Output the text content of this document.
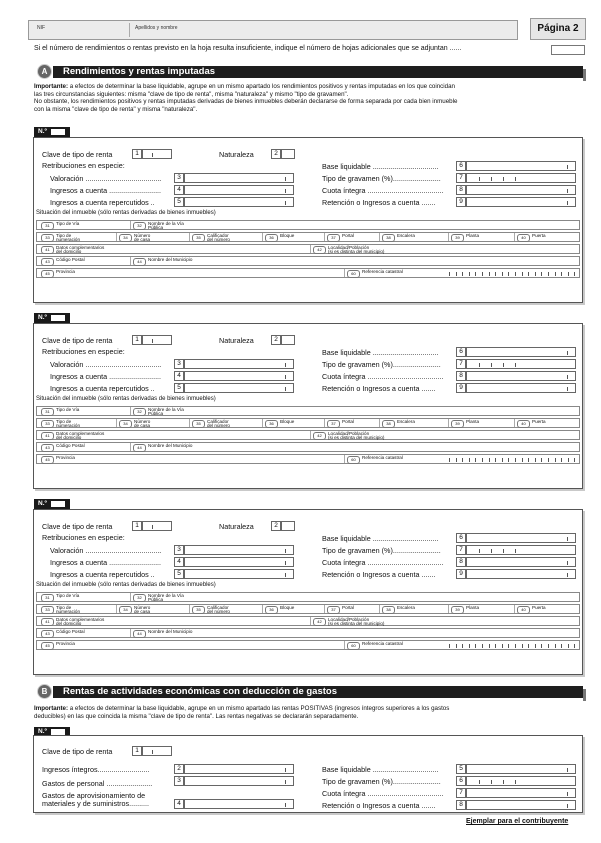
NIF	Apellidos y nombre	Página 2
Si el número de rendimientos o rentas previsto en la hoja resulta insuficiente, indique el número de hojas adicionales que se adjuntan ......
A	Rendimientos y rentas imputadas
Importante: a efectos de determinar la base liquidable, agrupe en un mismo apartado los rendimientos positivos y rentas imputadas en los que coincidan
las tres circunstancias siguientes: misma "clave de tipo de renta", misma "naturaleza" y mismo "tipo de gravamen".
No obstante, los rendimientos positivos y rentas imputadas derivadas de bienes inmuebles deberán declararse de forma separada por cada bien inmueble
con la misma "clave de tipo de renta" y misma "naturaleza".
N.º
Clave de tipo de renta	1	Naturaleza	2
Retribuciones en especie:
Valoración ......................................	3
Ingresos a cuenta ..........................	4
Ingresos a cuenta repercutidos ..	5
Base liquidable .................................	6
Tipo de gravamen (%)........................	7
Cuota íntegra ......................................	8
Retención o Ingresos a cuenta .......	9
Situación del inmueble (sólo rentas derivadas de bienes inmuebles)
31 Tipo de Vía	32 Nombre de la Vía
Pública
33 Tipo de
numeración	34 Número
de casa	35 Calificador
del número	36 Bloque	37 Portal	38 Escalera	39 Planta	40 Puerta
41 Datos complementarios
del domicilio	42 Localidad/Población
(si es distinta del municipio)
43 Código Postal	44 Nombre del Municipio
45 Provincia	60 Referencia catastral
N.º
Clave de tipo de renta	1	Naturaleza	2
Retribuciones en especie:
Valoración ......................................	3
Ingresos a cuenta ..........................	4
Ingresos a cuenta repercutidos ..	5
Base liquidable .................................	6
Tipo de gravamen (%)........................	7
Cuota íntegra ......................................	8
Retención o Ingresos a cuenta .......	9
Situación del inmueble (sólo rentas derivadas de bienes inmuebles)
31 Tipo de Vía	32 Nombre de la Vía
Pública
33 Tipo de
numeración	34 Número
de casa	35 Calificador
del número	36 Bloque	37 Portal	38 Escalera	39 Planta	40 Puerta
41 Datos complementarios
del domicilio	42 Localidad/Población
(si es distinta del municipio)
43 Código Postal	44 Nombre del Municipio
45 Provincia	60 Referencia catastral
N.º
Clave de tipo de renta	1	Naturaleza	2
Retribuciones en especie:
Valoración ......................................	3
Ingresos a cuenta ..........................	4
Ingresos a cuenta repercutidos ..	5
Base liquidable .................................	6
Tipo de gravamen (%)........................	7
Cuota íntegra ......................................	8
Retención o Ingresos a cuenta .......	9
Situación del inmueble (sólo rentas derivadas de bienes inmuebles)
31 Tipo de Vía	32 Nombre de la Vía
Pública
33 Tipo de
numeración	34 Número
de casa	35 Calificador
del número	36 Bloque	37 Portal	38 Escalera	39 Planta	40 Puerta
41 Datos complementarios
del domicilio	42 Localidad/Población
(si es distinta del municipio)
43 Código Postal	44 Nombre del Municipio
45 Provincia	60 Referencia catastral
B	Rentas de actividades económicas con deducción de gastos
Importante: a efectos de determinar la base liquidable, agrupe en un mismo apartado las rentas POSITIVAS (ingresos íntegros superiores a los gastos
deducibles) en las que coincida la misma "clave de tipo de renta". Las rentas negativas se declararán separadamente.
N.º
Clave de tipo de renta	1
Ingresos íntegros..........................	2
Gastos de personal .......................	3
Gastos de aprovisionamiento de
materiales y de suministros..........	4
Base liquidable .................................	5
Tipo de gravamen (%)........................	6
Cuota íntegra ......................................	7
Retención o Ingresos a cuenta .......	8
Ejemplar para el contribuyente
